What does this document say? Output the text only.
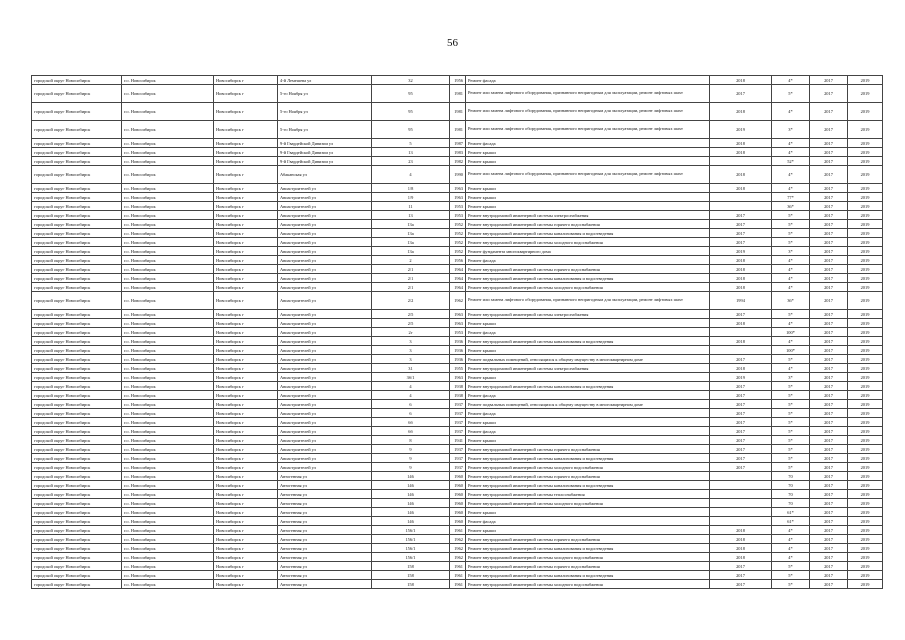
56
городской округ Новосибирск	г.о. Новосибирск	Новосибирск г	4-й Лемешева ул	32	1956	Ремонт фасада	2018	4*	2017	2019
городской округ Новосибирск	г.о. Новосибирск	Новосибирск г	5-го Ноября ул	95	1981	Ремонт или замена лифтового оборудования, признанного непригодным для эксплуатации, ремонт лифтовых шахт	2017	5*	2017	2019
городской округ Новосибирск	г.о. Новосибирск	Новосибирск г	5-го Ноября ул	95	1981	Ремонт или замена лифтового оборудования, признанного непригодным для эксплуатации, ремонт лифтовых шахт	2018	4*	2017	2019
городской округ Новосибирск	г.о. Новосибирск	Новосибирск г	5-го Ноября ул	95	1981	Ремонт или замена лифтового оборудования, признанного непригодным для эксплуатации, ремонт лифтовых шахт	2019	3*	2017	2019
городской округ Новосибирск	г.о. Новосибирск	Новосибирск г	9-й Гвардейской Дивизии ул	5	1987	Ремонт фасада	2018	4*	2017	2019
городской округ Новосибирск	г.о. Новосибирск	Новосибирск г	9-й Гвардейской Дивизии ул	13	1983	Ремонт крыши	2018	4*	2017	2019
городской округ Новосибирск	г.о. Новосибирск	Новосибирск г	9-й Гвардейской Дивизии ул	23	1982	Ремонт крыши		52*	2017	2019
городской округ Новосибирск	г.о. Новосибирск	Новосибирск г	Абаканская ул	4	1990	Ремонт или замена лифтового оборудования, признанного непригодным для эксплуатации, ремонт лифтовых шахт	2018	4*	2017	2019
городской округ Новосибирск	г.о. Новосибирск	Новосибирск г	Авиастроителей ул	1/8	1963	Ремонт крыши	2018	4*	2017	2019
городской округ Новосибирск	г.о. Новосибирск	Новосибирск г	Авиастроителей ул	1/9	1963	Ремонт крыши		77*	2017	2019
городской округ Новосибирск	г.о. Новосибирск	Новосибирск г	Авиастроителей ул	11	1953	Ремонт крыши		36*	2017	2019
городской округ Новосибирск	г.о. Новосибирск	Новосибирск г	Авиастроителей ул	13	1953	Ремонт внутридомовой инженерной системы электроснабжения	2017	5*	2017	2019
городской округ Новосибирск	г.о. Новосибирск	Новосибирск г	Авиастроителей ул	13а	1952	Ремонт внутридомовой инженерной системы горячего водоснабжения	2017	5*	2017	2019
городской округ Новосибирск	г.о. Новосибирск	Новосибирск г	Авиастроителей ул	13а	1952	Ремонт внутридомовой инженерной системы канализования и водоотведения	2017	5*	2017	2019
городской округ Новосибирск	г.о. Новосибирск	Новосибирск г	Авиастроителей ул	13а	1952	Ремонт внутридомовой инженерной системы холодного водоснабжения	2017	5*	2017	2019
городской округ Новосибирск	г.о. Новосибирск	Новосибирск г	Авиастроителей ул	13а	1952	Ремонт фундамента многоквартирного дома	2019	3*	2017	2019
городской округ Новосибирск	г.о. Новосибирск	Новосибирск г	Авиастроителей ул	2	1956	Ремонт фасада	2018	4*	2017	2019
городской округ Новосибирск	г.о. Новосибирск	Новосибирск г	Авиастроителей ул	2/1	1964	Ремонт внутридомовой инженерной системы горячего водоснабжения	2018	4*	2017	2019
городской округ Новосибирск	г.о. Новосибирск	Новосибирск г	Авиастроителей ул	2/1	1964	Ремонт внутридомовой инженерной системы канализования и водоотведения	2018	4*	2017	2019
городской округ Новосибирск	г.о. Новосибирск	Новосибирск г	Авиастроителей ул	2/1	1964	Ремонт внутридомовой инженерной системы холодного водоснабжения	2018	4*	2017	2019
городской округ Новосибирск	г.о. Новосибирск	Новосибирск г	Авиастроителей ул	2/2	1962	Ремонт или замена лифтового оборудования, признанного непригодным для эксплуатации, ремонт лифтовых шахт	1994	36*	2017	2019
городской округ Новосибирск	г.о. Новосибирск	Новосибирск г	Авиастроителей ул	2/5	1963	Ремонт внутридомовой инженерной системы электроснабжения	2017	5*	2017	2019
городской округ Новосибирск	г.о. Новосибирск	Новосибирск г	Авиастроителей ул	2/5	1963	Ремонт крыши	2018	4*	2017	2019
городской округ Новосибирск	г.о. Новосибирск	Новосибирск г	Авиастроителей ул	2г	1953	Ремонт фасада		100*	2017	2019
городской округ Новосибирск	г.о. Новосибирск	Новосибирск г	Авиастроителей ул	3	1936	Ремонт внутридомовой инженерной системы канализования и водоотведения	2018	4*	2017	2019
городской округ Новосибирск	г.о. Новосибирск	Новосибирск г	Авиастроителей ул	3	1936	Ремонт крыши		100*	2017	2019
городской округ Новосибирск	г.о. Новосибирск	Новосибирск г	Авиастроителей ул	3	1936	Ремонт подвальных помещений, относящихся к общему имуществу в многоквартирном доме	2017	5*	2017	2019
городской округ Новосибирск	г.о. Новосибирск	Новосибирск г	Авиастроителей ул	31	1955	Ремонт внутридомовой инженерной системы электроснабжения	2018	4*	2017	2019
городской округ Новосибирск	г.о. Новосибирск	Новосибирск г	Авиастроителей ул	3б/1	1963	Ремонт крыши	2019	3*	2017	2019
городской округ Новосибирск	г.о. Новосибирск	Новосибирск г	Авиастроителей ул	4	1938	Ремонт внутридомовой инженерной системы канализования и водоотведения	2017	5*	2017	2019
городской округ Новосибирск	г.о. Новосибирск	Новосибирск г	Авиастроителей ул	4	1938	Ремонт фасада	2017	5*	2017	2019
городской округ Новосибирск	г.о. Новосибирск	Новосибирск г	Авиастроителей ул	6	1937	Ремонт подвальных помещений, относящихся к общему имуществу в многоквартирном доме	2017	5*	2017	2019
городской округ Новосибирск	г.о. Новосибирск	Новосибирск г	Авиастроителей ул	6	1937	Ремонт фасада	2017	5*	2017	2019
городской округ Новосибирск	г.о. Новосибирск	Новосибирск г	Авиастроителей ул	6б	1937	Ремонт крыши	2017	5*	2017	2019
городской округ Новосибирск	г.о. Новосибирск	Новосибирск г	Авиастроителей ул	6б	1937	Ремонт фасада	2017	5*	2017	2019
городской округ Новосибирск	г.о. Новосибирск	Новосибирск г	Авиастроителей ул	8	1941	Ремонт крыши	2017	5*	2017	2019
городской округ Новосибирск	г.о. Новосибирск	Новосибирск г	Авиастроителей ул	9	1937	Ремонт внутридомовой инженерной системы горячего водоснабжения	2017	5*	2017	2019
городской округ Новосибирск	г.о. Новосибирск	Новосибирск г	Авиастроителей ул	9	1937	Ремонт внутридомовой инженерной системы канализования и водоотведения	2017	5*	2017	2019
городской округ Новосибирск	г.о. Новосибирск	Новосибирск г	Авиастроителей ул	9	1937	Ремонт внутридомовой инженерной системы холодного водоснабжения	2017	5*	2017	2019
городской округ Новосибирск	г.о. Новосибирск	Новосибирск г	Автогенная ул	146	1960	Ремонт внутридомовой инженерной системы горячего водоснабжения		70	2017	2019
городской округ Новосибирск	г.о. Новосибирск	Новосибирск г	Автогенная ул	146	1960	Ремонт внутридомовой инженерной системы канализования и водоотведения		70	2017	2019
городской округ Новосибирск	г.о. Новосибирск	Новосибирск г	Автогенная ул	146	1960	Ремонт внутридомовой инженерной системы теплоснабжения		70	2017	2019
городской округ Новосибирск	г.о. Новосибирск	Новосибирск г	Автогенная ул	146	1960	Ремонт внутридомовой инженерной системы холодного водоснабжения		70	2017	2019
городской округ Новосибирск	г.о. Новосибирск	Новосибирск г	Автогенная ул	146	1960	Ремонт крыши		61*	2017	2019
городской округ Новосибирск	г.о. Новосибирск	Новосибирск г	Автогенная ул	146	1960	Ремонт фасада		61*	2017	2019
городской округ Новосибирск	г.о. Новосибирск	Новосибирск г	Автогенная ул	156/1	1961	Ремонт крыши	2018	4*	2017	2019
городской округ Новосибирск	г.о. Новосибирск	Новосибирск г	Автогенная ул	156/1	1962	Ремонт внутридомовой инженерной системы горячего водоснабжения	2018	4*	2017	2019
городской округ Новосибирск	г.о. Новосибирск	Новосибирск г	Автогенная ул	156/1	1962	Ремонт внутридомовой инженерной системы канализования и водоотведения	2018	4*	2017	2019
городской округ Новосибирск	г.о. Новосибирск	Новосибирск г	Автогенная ул	156/1	1962	Ремонт внутридомовой инженерной системы холодного водоснабжения	2018	4*	2017	2019
городской округ Новосибирск	г.о. Новосибирск	Новосибирск г	Автогенная ул	158	1961	Ремонт внутридомовой инженерной системы горячего водоснабжения	2017	5*	2017	2019
городской округ Новосибирск	г.о. Новосибирск	Новосибирск г	Автогенная ул	158	1961	Ремонт внутридомовой инженерной системы канализования и водоотведения	2017	5*	2017	2019
городской округ Новосибирск	г.о. Новосибирск	Новосибирск г	Автогенная ул	158	1961	Ремонт внутридомовой инженерной системы холодного водоснабжения	2017	5*	2017	2019
